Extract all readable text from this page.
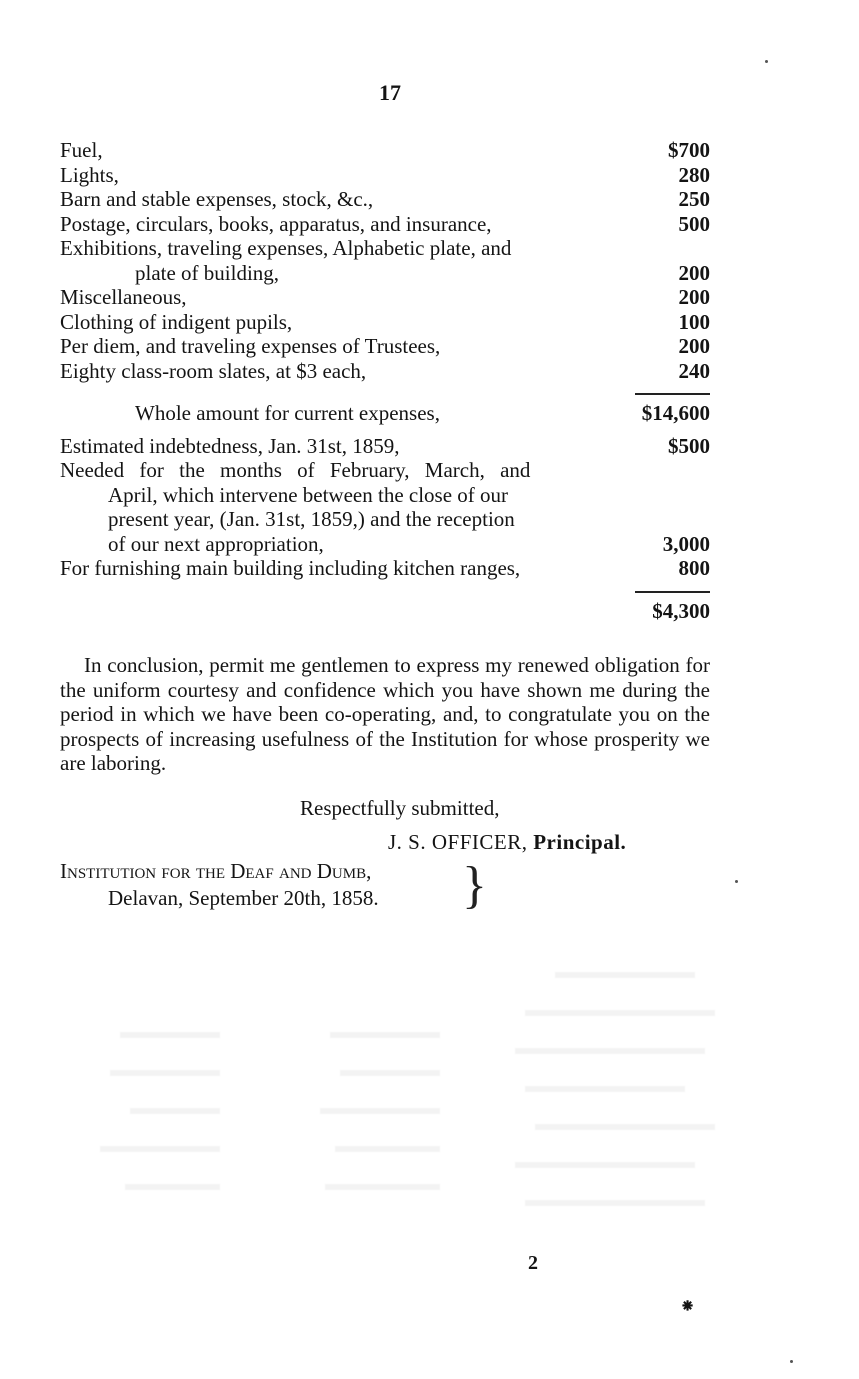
17
Fuel,	$700
Lights,	280
Barn and stable expenses, stock, &c.,	250
Postage, circulars, books, apparatus, and insurance,	500
Exhibitions, traveling expenses, Alphabetic plate, and
plate of building,	200
Miscellaneous,	200
Clothing of indigent pupils,	100
Per diem, and traveling expenses of Trustees,	200
Eighty class-room slates, at $3 each,	240
Whole amount for current expenses,	$14,600
Estimated indebtedness, Jan. 31st, 1859,	$500
Needed for the months of February, March, and
April, which intervene between the close of our
present year, (Jan. 31st, 1859,) and the reception
of our next appropriation,	3,000
For furnishing main building including kitchen ranges,	800
$4,300

In conclusion, permit me gentlemen to express my renewed obligation for the uniform courtesy and confidence which you have shown me during the period in which we have been co-operating, and, to congratulate you on the prospects of increasing usefulness of the Institution for whose prosperity we are laboring.

Respectfully submitted,
J. S. OFFICER, Principal.
Institution for the Deaf and Dumb,
Delavan, September 20th, 1858. }
2
⁕
